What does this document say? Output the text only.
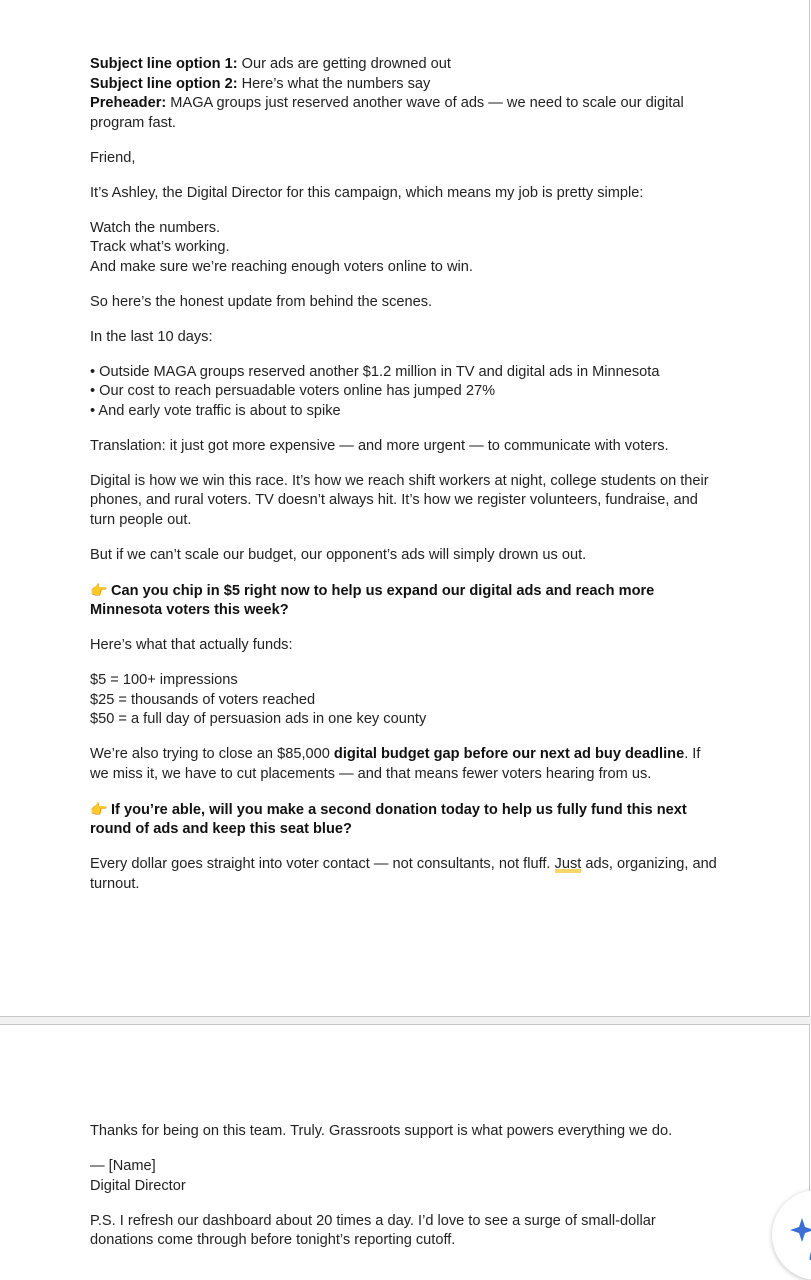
Subject line option 1: Our ads are getting drowned out
Subject line option 2: Here’s what the numbers say
Preheader: MAGA groups just reserved another wave of ads — we need to scale our digital program fast.

Friend,

It’s Ashley, the Digital Director for this campaign, which means my job is pretty simple:

Watch the numbers.
Track what’s working.
And make sure we’re reaching enough voters online to win.

So here’s the honest update from behind the scenes.

In the last 10 days:

• Outside MAGA groups reserved another $1.2 million in TV and digital ads in Minnesota
• Our cost to reach persuadable voters online has jumped 27%
• And early vote traffic is about to spike

Translation: it just got more expensive — and more urgent — to communicate with voters.

Digital is how we win this race. It’s how we reach shift workers at night, college students on their phones, and rural voters. TV doesn’t always hit. It’s how we register volunteers, fundraise, and turn people out.

But if we can’t scale our budget, our opponent’s ads will simply drown us out.

👉 Can you chip in $5 right now to help us expand our digital ads and reach more Minnesota voters this week?

Here’s what that actually funds:

$5 = 100+ impressions
$25 = thousands of voters reached
$50 = a full day of persuasion ads in one key county

We’re also trying to close an $85,000 digital budget gap before our next ad buy deadline. If we miss it, we have to cut placements — and that means fewer voters hearing from us.

👉 If you’re able, will you make a second donation today to help us fully fund this next round of ads and keep this seat blue?

Every dollar goes straight into voter contact — not consultants, not fluff. Just ads, organizing, and turnout.

Thanks for being on this team. Truly. Grassroots support is what powers everything we do.

— [Name]
Digital Director

P.S. I refresh our dashboard about 20 times a day. I’d love to see a surge of small-dollar donations come through before tonight’s reporting cutoff.
